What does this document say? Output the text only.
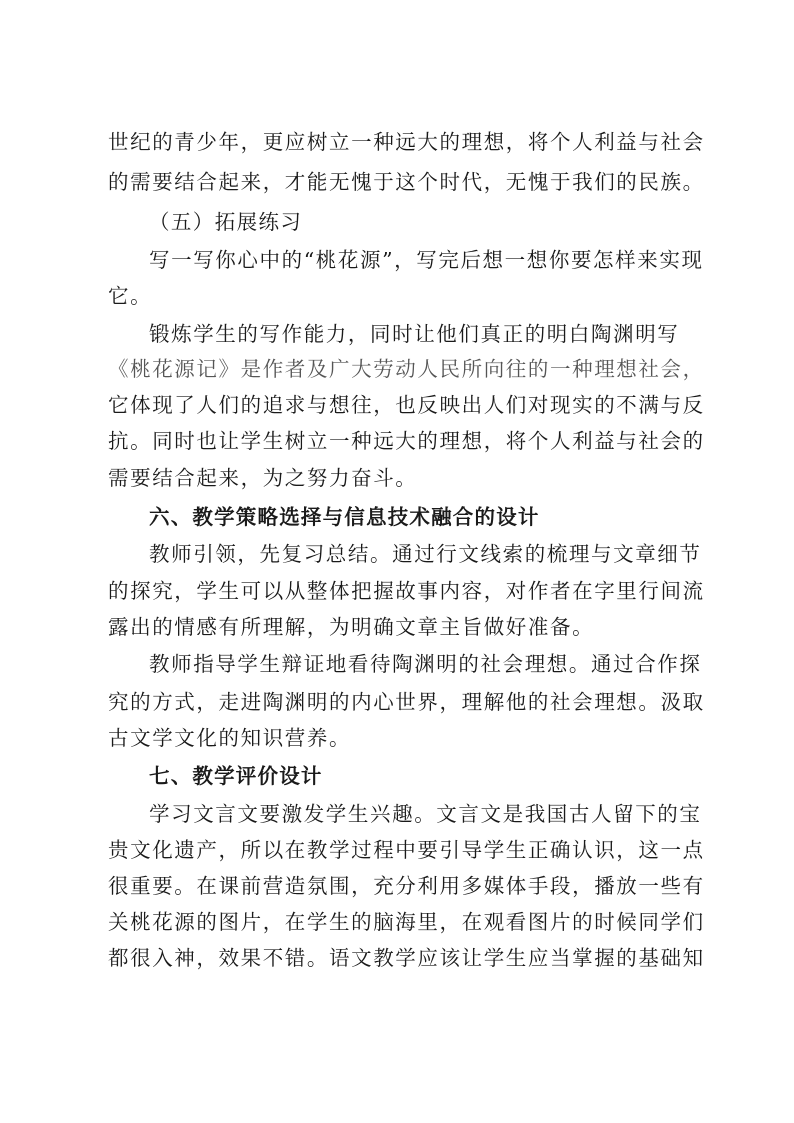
世纪的青少年，更应树立一种远大的理想，将个人利益与社会
的需要结合起来，才能无愧于这个时代，无愧于我们的民族。
（五）拓展练习
写一写你心中的“桃花源”，写完后想一想你要怎样来实现
它。
锻炼学生的写作能力，同时让他们真正的明白陶渊明写
《桃花源记》是作者及广大劳动人民所向往的一种理想社会，
它体现了人们的追求与想往，也反映出人们对现实的不满与反
抗。同时也让学生树立一种远大的理想，将个人利益与社会的
需要结合起来，为之努力奋斗。
六、教学策略选择与信息技术融合的设计
教师引领，先复习总结。通过行文线索的梳理与文章细节
的探究，学生可以从整体把握故事内容，对作者在字里行间流
露出的情感有所理解，为明确文章主旨做好准备。
教师指导学生辩证地看待陶渊明的社会理想。通过合作探
究的方式，走进陶渊明的内心世界，理解他的社会理想。汲取
古文学文化的知识营养。
七、教学评价设计
学习文言文要激发学生兴趣。文言文是我国古人留下的宝
贵文化遗产，所以在教学过程中要引导学生正确认识，这一点
很重要。在课前营造氛围，充分利用多媒体手段，播放一些有
关桃花源的图片，在学生的脑海里，在观看图片的时候同学们
都很入神，效果不错。语文教学应该让学生应当掌握的基础知
